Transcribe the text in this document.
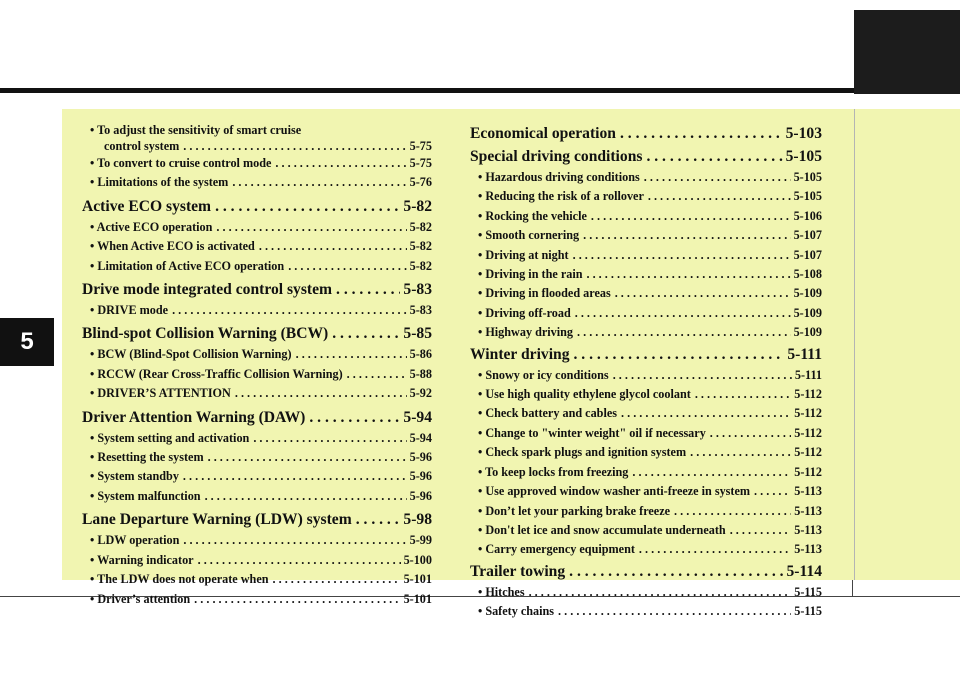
5
• To adjust the sensitivity of smart cruise
control system . . .	5-75
• To convert to cruise control mode . . .	5-75
• Limitations of the system . . .	5-76
Active ECO system . . .	5-82
• Active ECO operation . . .	5-82
• When Active ECO is activated . . .	5-82
• Limitation of Active ECO operation . . .	5-82
Drive mode integrated control system . . .	5-83
• DRIVE mode . . .	5-83
Blind-spot Collision Warning (BCW) . . .	5-85
• BCW (Blind-Spot Collision Warning) . . .	5-86
• RCCW (Rear Cross-Traffic Collision Warning) . . .	5-88
• DRIVER’S ATTENTION . . .	5-92
Driver Attention Warning (DAW) . . .	5-94
• System setting and activation . . .	5-94
• Resetting the system . . .	5-96
• System standby . . .	5-96
• System malfunction . . .	5-96
Lane Departure Warning (LDW) system . . .	5-98
• LDW operation . . .	5-99
• Warning indicator . . .	5-100
• The LDW does not operate when . . .	5-101
• Driver’s attention . . .	5-101
Economical operation . . .	5-103
Special driving conditions . . .	5-105
• Hazardous driving conditions . . .	5-105
• Reducing the risk of a rollover . . .	5-105
• Rocking the vehicle . . .	5-106
• Smooth cornering . . .	5-107
• Driving at night . . .	5-107
• Driving in the rain . . .	5-108
• Driving in flooded areas . . .	5-109
• Driving off-road . . .	5-109
• Highway driving . . .	5-109
Winter driving . . .	5-111
• Snowy or icy conditions . . .	5-111
• Use high quality ethylene glycol coolant . . .	5-112
• Check battery and cables . . .	5-112
• Change to "winter weight" oil if necessary . . .	5-112
• Check spark plugs and ignition system . . .	5-112
• To keep locks from freezing . . .	5-112
• Use approved window washer anti-freeze in system . . .	5-113
• Don’t let your parking brake freeze . . .	5-113
• Don't let ice and snow accumulate underneath . . .	5-113
• Carry emergency equipment . . .	5-113
Trailer towing . . .	5-114
• Hitches . . .	5-115
• Safety chains . . .	5-115
